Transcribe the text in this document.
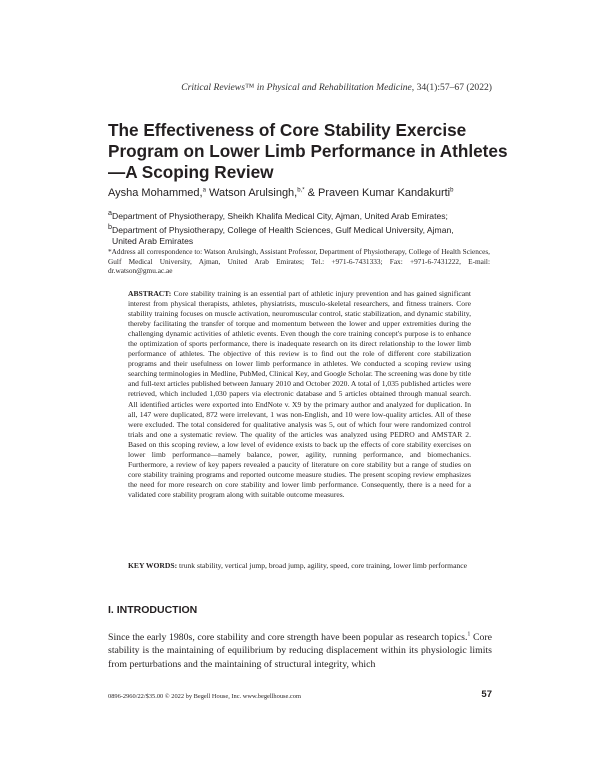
Critical Reviews™ in Physical and Rehabilitation Medicine, 34(1):57–67 (2022)
The Effectiveness of Core Stability Exercise Program on Lower Limb Performance in Athletes—A Scoping Review
Aysha Mohammed,$^a$ Watson Arulsingh,$^{b,*}$ & Praveen Kumar Kandakurti$^b$

$^a$Department of Physiotherapy, Sheikh Khalifa Medical City, Ajman, United Arab Emirates;

$^b$Department of Physiotherapy, College of Health Sciences, Gulf Medical University, Ajman,

United Arab Emirates

*Address all correspondence to: Watson Arulsingh, Assistant Professor, Department of Physiotherapy, College of Health Sciences, Gulf Medical University, Ajman, United Arab Emirates; Tel.: +971-6-7431333; Fax: +971-6-7431222, E-mail: dr.watson@gmu.ac.ae

ABSTRACT: Core stability training is an essential part of athletic injury prevention and has gained significant interest from physical therapists, athletes, physiatrists, musculo-skeletal researchers, and fitness trainers. Core stability training focuses on muscle activation, neuromuscular control, static stabilization, and dynamic stability, thereby facilitating the transfer of torque and momentum between the lower and upper extremities during the challenging dynamic activities of athletic events. Even though the core training concept's purpose is to enhance the optimization of sports performance, there is inadequate research on its direct relationship to the lower limb performance of athletes. The objective of this review is to find out the role of different core stabilization programs and their usefulness on lower limb performance in athletes. We conducted a scoping review using searching terminologies in Medline, PubMed, Clinical Key, and Google Scholar. The screening was done by title and full-text articles published between January 2010 and October 2020. A total of 1,035 published articles were retrieved, which included 1,030 papers via electronic database and 5 articles obtained through manual search. All identified articles were exported into EndNote v. X9 by the primary author and analyzed for duplication. In all, 147 were duplicated, 872 were irrelevant, 1 was non-English, and 10 were low-quality articles. All of these were excluded. The total considered for qualitative analysis was 5, out of which four were randomized control trials and one a systematic review. The quality of the articles was analyzed using PEDRO and AMSTAR 2. Based on this scoping review, a low level of evidence exists to back up the effects of core stability exercises on lower limb performance—namely balance, power, agility, running performance, and biomechanics. Furthermore, a review of key papers revealed a paucity of literature on core stability but a range of studies on core stability training programs and reported outcome measure studies. The present scoping review emphasizes the need for more research on core stability and lower limb performance. Consequently, there is a need for a validated core stability program along with suitable outcome measures.

KEY WORDS: trunk stability, vertical jump, broad jump, agility, speed, core training, lower limb performance

I. INTRODUCTION

Since the early 1980s, core stability and core strength have been popular as research topics.$^1$ Core stability is the maintaining of equilibrium by reducing displacement within its physiologic limits from perturbations and the maintaining of structural integrity, which

0896-2960/22/$35.00 © 2022 by Begell House, Inc. www.begellhouse.com	57
